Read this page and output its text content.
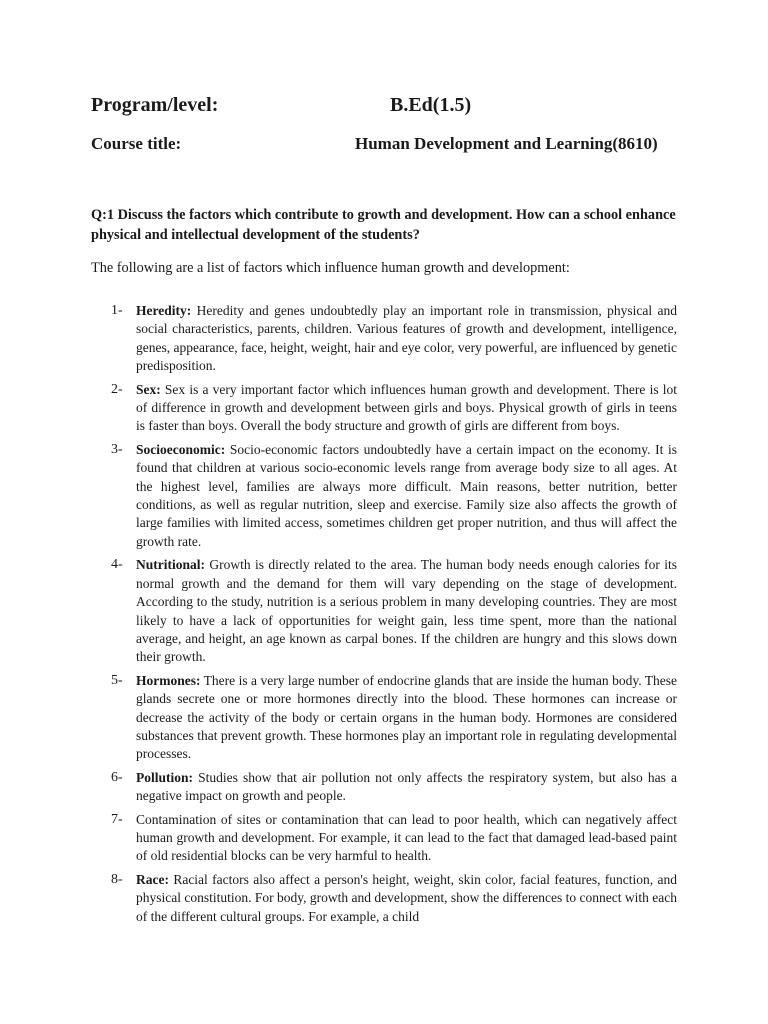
Program/level:	B.Ed(1.5)
Course title:	Human Development and Learning(8610)
Q:1 Discuss the factors which contribute to growth and development. How can a school enhance physical and intellectual development of the students?
The following are a list of factors which influence human growth and development:
1- Heredity: Heredity and genes undoubtedly play an important role in transmission, physical and social characteristics, parents, children. Various features of growth and development, intelligence, genes, appearance, face, height, weight, hair and eye color, very powerful, are influenced by genetic predisposition.
2- Sex: Sex is a very important factor which influences human growth and development. There is lot of difference in growth and development between girls and boys. Physical growth of girls in teens is faster than boys. Overall the body structure and growth of girls are different from boys.
3- Socioeconomic: Socio-economic factors undoubtedly have a certain impact on the economy. It is found that children at various socio-economic levels range from average body size to all ages. At the highest level, families are always more difficult. Main reasons, better nutrition, better conditions, as well as regular nutrition, sleep and exercise. Family size also affects the growth of large families with limited access, sometimes children get proper nutrition, and thus will affect the growth rate.
4- Nutritional: Growth is directly related to the area. The human body needs enough calories for its normal growth and the demand for them will vary depending on the stage of development. According to the study, nutrition is a serious problem in many developing countries. They are most likely to have a lack of opportunities for weight gain, less time spent, more than the national average, and height, an age known as carpal bones. If the children are hungry and this slows down their growth.
5- Hormones: There is a very large number of endocrine glands that are inside the human body. These glands secrete one or more hormones directly into the blood. These hormones can increase or decrease the activity of the body or certain organs in the human body. Hormones are considered substances that prevent growth. These hormones play an important role in regulating developmental processes.
6- Pollution: Studies show that air pollution not only affects the respiratory system, but also has a negative impact on growth and people.
7- Contamination of sites or contamination that can lead to poor health, which can negatively affect human growth and development. For example, it can lead to the fact that damaged lead-based paint of old residential blocks can be very harmful to health.
8- Race: Racial factors also affect a person's height, weight, skin color, facial features, function, and physical constitution. For body, growth and development, show the differences to connect with each of the different cultural groups. For example, a child
